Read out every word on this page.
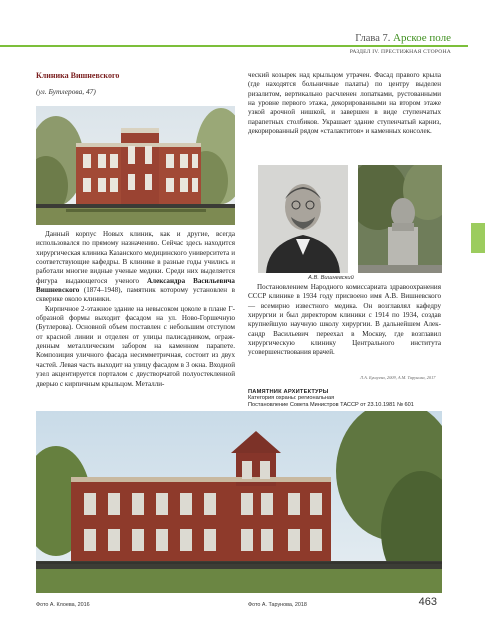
Глава 7. Арское поле
РАЗДЕЛ IV. ПРЕСТИЖНАЯ СТОРОНА
Клиника Вишневского
(ул. Бутлерова, 47)

Данный корпус Новых клиник, как и другие, всегда использовался по прямому назначению. Сейчас здесь находится хирургическая клиника Казанского медицинского университета и соответствующие кафедры. В клинике в разные годы учились и работали многие видные ученые медики. Среди них выделяется фигура выдающегося ученого Александра Васильевича Вишневского (1874–1948), памятник которому установлен в скверике около клиники.

Кирпичное 2-этажное здание на невысоком цоколе в плане Г-образной формы выходит фасадом на ул. Ново-Горшечную (Бутлерова). Основной объем поставлен с небольшим отступом от красной линии и отделен от улицы палисадником, огражденным металлическим забором на каменном парапете. Композиция уличного фасада несимметричная, состоит из двух частей. Левая часть выходит на улицу фасадом в 3 окна. Входной узел акцентируется порталом с двустворчатой полуостекленной дверью с кирпичным крыльцом. Металли-

ческий козырек над крыльцом утрачен. Фасад правого крыла (где находятся больничные палаты) по центру выделен ризалитом, вертикально расчленен лопатками, рустованными на уровне первого этажа, декорированными на втором этаже узкой арочной нишкой, и завершен в виде ступенчатых парапетных столбиков. Украшает здание ступенчатый карниз, декорированный рядом «сталактитов» и каменных консолек.

А.В. Вишневский

Постановлением Народного комиссариата здравоохранения СССР клинике в 1934 году присвоено имя А.В. Вишневского — всемирно известного медика. Он возглавлял кафедру хирургии и был директором клиники с 1914 по 1934, создав крупнейшую научную школу хирургии. В дальнейшем Александр Васильевич переехал в Москву, где возглавил хирургическую клинику Центрального института усовершенствования врачей.

Л.А. Бушуева, 2009, А.М. Тарунова, 2017
ПАМЯТНИК АРХИТЕКТУРЫ
Категория охраны: региональная
Постановление Совета Министров ТАССР от 23.10.1981 № 601
Фото А. Клоева, 2016	Фото А. Тарунова, 2018	463
